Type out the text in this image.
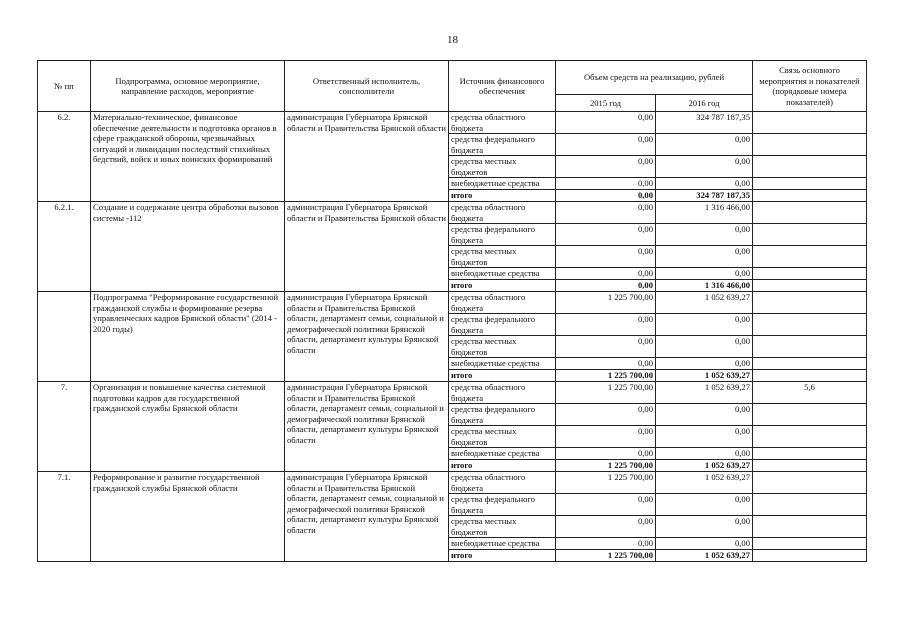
18
№ пп	Подпрограмма, основное мероприятие, направление расходов, мероприятие	Ответственный исполнитель, соисполнители	Источник финансового обеспечения	Объем средств на реализацию, рублей		Связь основного мероприятия и показателей (порядковые номера показателей)
				2015 год	2016 год	
6.2.	Материально-техническое, финансовое обеспечение деятельности и подготовка органов в сфере гражданской обороны, чрезвычайных ситуаций и ликвидации последствий стихийных бедствий, войск и иных воинских формирований	администрация Губернатора Брянской области и Правительства Брянской области	средства областного бюджета	0,00	324 787 187,35	
			средства федерального бюджета	0,00	0,00	
			средства местных бюджетов	0,00	0,00	
			внебюджетные средства	0,00	0,00	
			итого	0,00	324 787 187,35	
6.2.1.	Создание и содержание центра обработки вызовов системы -112	администрация Губернатора Брянской области и Правительства Брянской области	средства областного бюджета	0,00	1 316 466,00	
			средства федерального бюджета	0,00	0,00	
			средства местных бюджетов	0,00	0,00	
			внебюджетные средства	0,00	0,00	
			итого	0,00	1 316 466,00	
	Подпрограмма "Реформирование государственной гражданской службы и формирование резерва управленческих кадров Брянской области" (2014 - 2020 годы)	администрация Губернатора Брянской области и Правительства Брянской области, департамент семьи, социальной и демографической политики Брянской области, департамент культуры Брянской области	средства областного бюджета	1 225 700,00	1 052 639,27	
			средства федерального бюджета	0,00	0,00	
			средства местных бюджетов	0,00	0,00	
			внебюджетные средства	0,00	0,00	
			итого	1 225 700,00	1 052 639,27	
7.	Организация и повышение качества системной подготовки кадров для государственной гражданской службы Брянской области	администрация Губернатора Брянской области и Правительства Брянской области, департамент семьи, социальной и демографической политики Брянской области, департамент культуры Брянской области	средства областного бюджета	1 225 700,00	1 052 639,27	5,6
			средства федерального бюджета	0,00	0,00	
			средства местных бюджетов	0,00	0,00	
			внебюджетные средства	0,00	0,00	
			итого	1 225 700,00	1 052 639,27	
7.1.	Реформирование и развитие государственной гражданской службы Брянской области	администрация Губернатора Брянской области и Правительства Брянской области, департамент семьи, социальной и демографической политики Брянской области, департамент культуры Брянской области	средства областного бюджета	1 225 700,00	1 052 639,27	
			средства федерального бюджета	0,00	0,00	
			средства местных бюджетов	0,00	0,00	
			внебюджетные средства	0,00	0,00	
			итого	1 225 700,00	1 052 639,27	
